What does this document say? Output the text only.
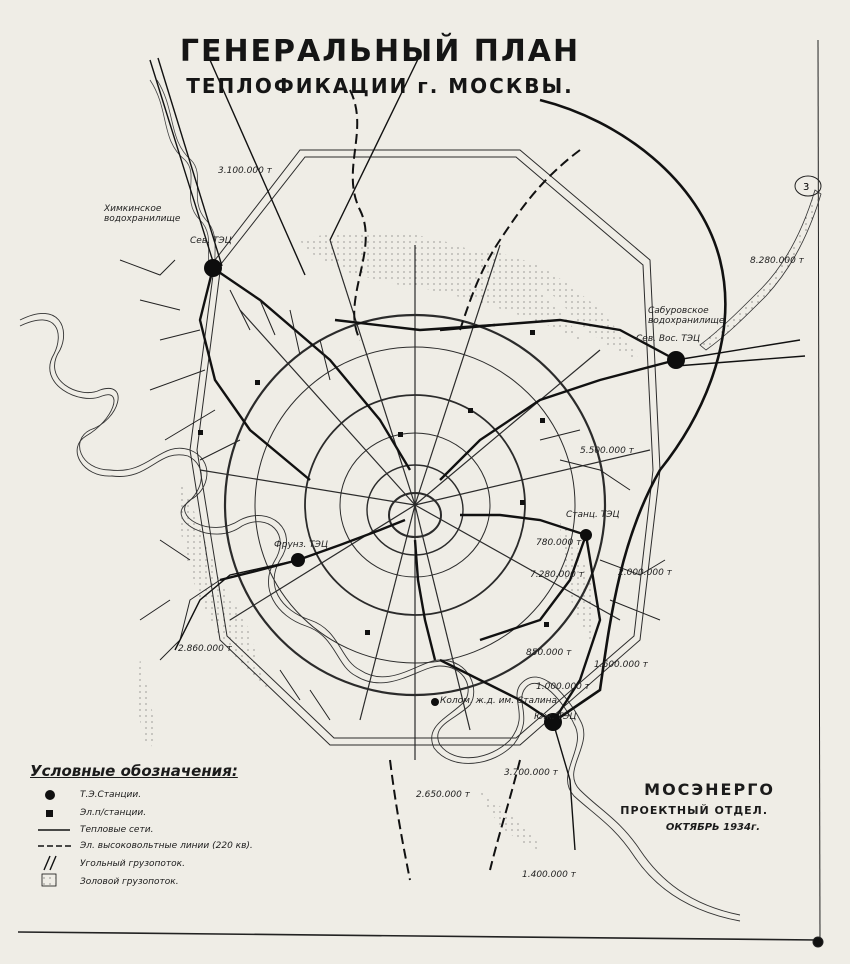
3
ГЕНЕРАЛЬНЫЙ ПЛАН
ТЕПЛОФИКАЦИИ г. МОСКВЫ.
Сев. ТЭЦ
Сев. Вос. ТЭЦ
Станц. ТЭЦ
Фрунз. ТЭЦ
Юж. ТЭЦ
Химкинское водохранилище
Сабуровское водохранилище
Колом. ж.д. им. Сталина
3.100.000 т
8.280.000 т
5.500.000 т
7.280.000 т
780.000 т
2.000.000 т
2.860.000 т	850.000 т
1.600.000 т
3.700.000 т
2.650.000 т
1.400.000 т
1.000.000 т
Условные обозначения:
Т.Э.Станции.
Эл.п/станции.
Тепловые сети.
Эл. высоковольтные линии (220 кв).
Угольный грузопоток.
Золовой грузопоток.
МОСЭНЕРГО
ПРОЕКТНЫЙ ОТДЕЛ.
ОКТЯБРЬ 1934г.
